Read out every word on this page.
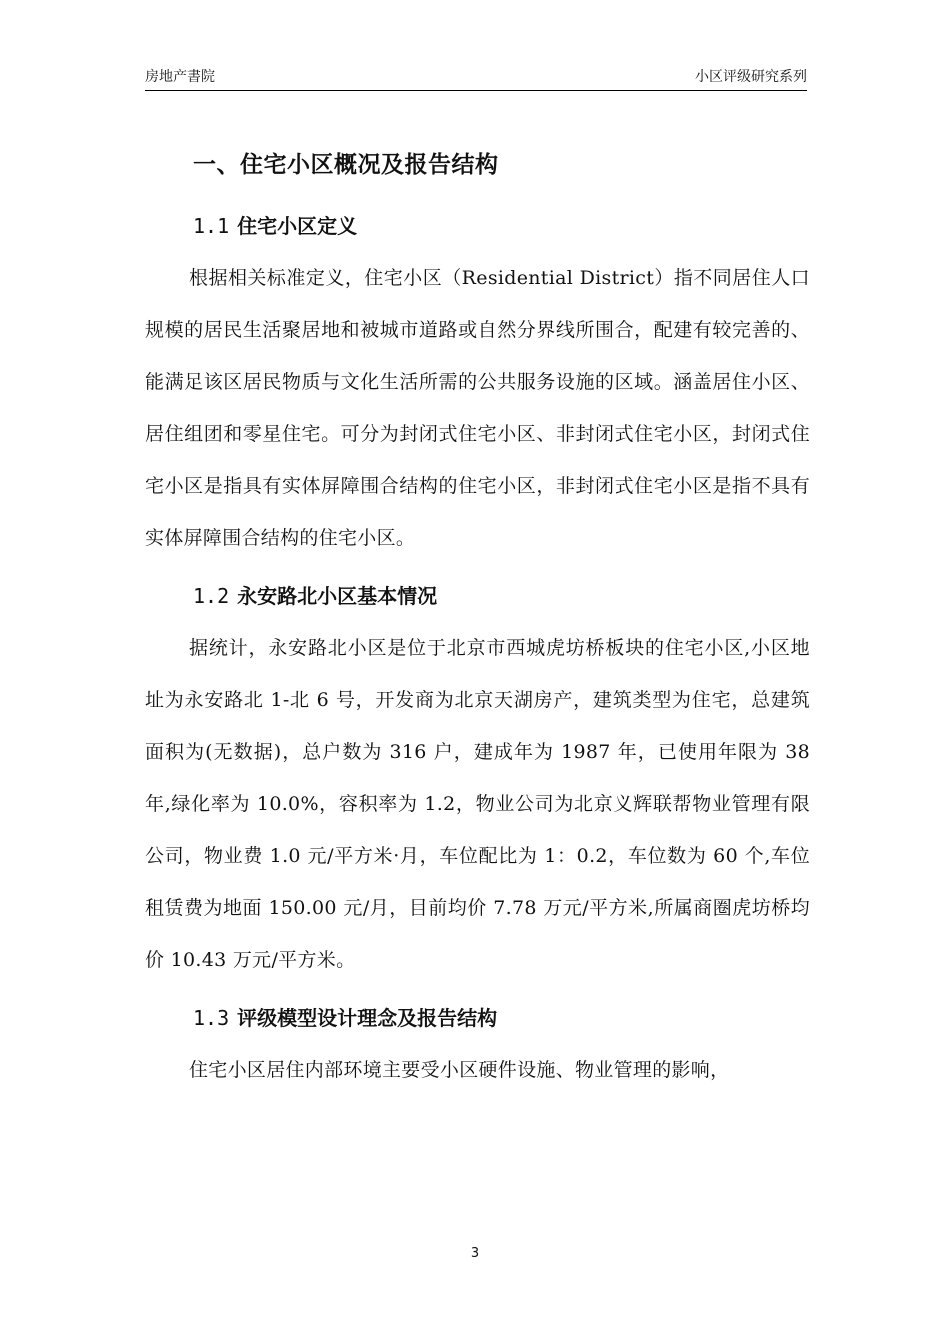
房地产書院	小区评级研究系列
一、住宅小区概况及报告结构
1.1 住宅小区定义

根据相关标准定义，住宅小区（Residential District）指不同居住人口规模的居民生活聚居地和被城市道路或自然分界线所围合，配建有较完善的、能满足该区居民物质与文化生活所需的公共服务设施的区域。涵盖居住小区、居住组团和零星住宅。可分为封闭式住宅小区、非封闭式住宅小区，封闭式住宅小区是指具有实体屏障围合结构的住宅小区，非封闭式住宅小区是指不具有实体屏障围合结构的住宅小区。

1.2 永安路北小区基本情况

据统计，永安路北小区是位于北京市西城虎坊桥板块的住宅小区,小区地址为永安路北 1-北 6 号，开发商为北京天湖房产，建筑类型为住宅，总建筑面积为(无数据)，总户数为 316 户，建成年为 1987 年，已使用年限为 38 年,绿化率为 10.0%，容积率为 1.2，物业公司为北京义辉联帮物业管理有限公司，物业费 1.0 元/平方米·月，车位配比为 1：0.2，车位数为 60 个,车位租赁费为地面 150.00 元/月，目前均价 7.78 万元/平方米,所属商圈虎坊桥均价 10.43 万元/平方米。

1.3 评级模型设计理念及报告结构

住宅小区居住内部环境主要受小区硬件设施、物业管理的影响，

3
